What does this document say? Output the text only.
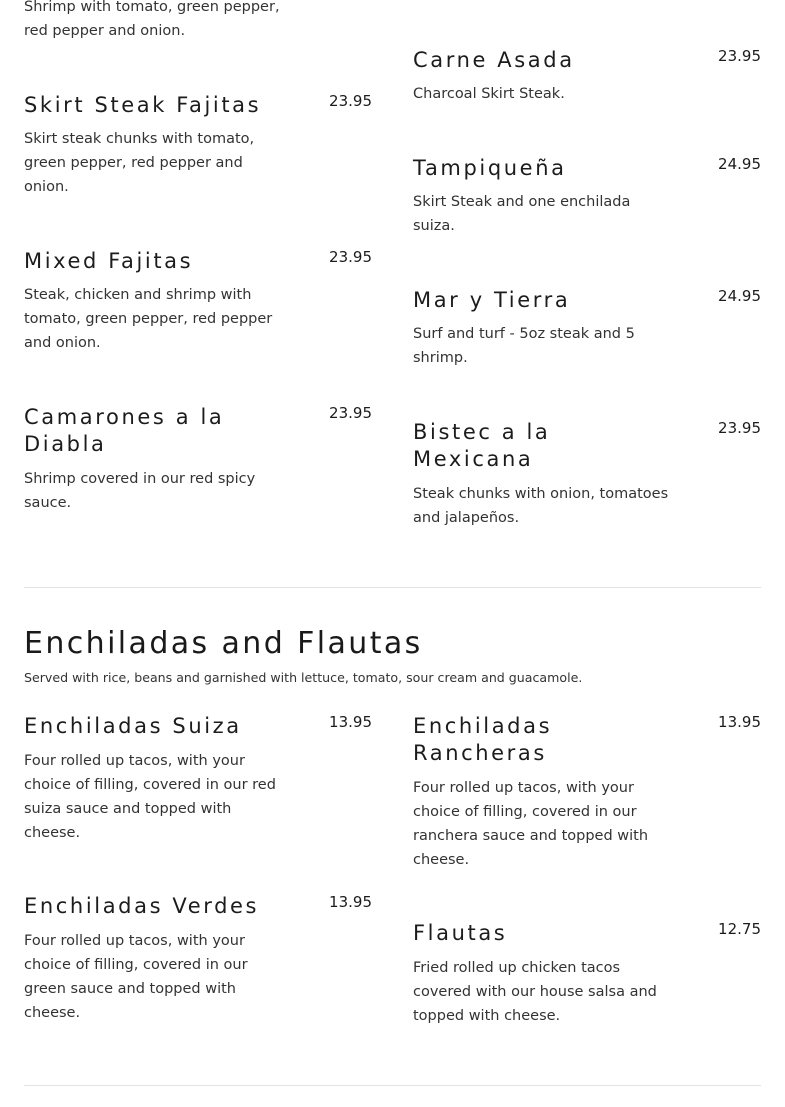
Shrimp with tomato, green pepper, red pepper and onion.

Skirt Steak Fajitas	23.95

Skirt steak chunks with tomato, green pepper, red pepper and onion.

Mixed Fajitas	23.95

Steak, chicken and shrimp with tomato, green pepper, red pepper and onion.

Camarones a la Diabla
23.95

Shrimp covered in our red spicy sauce.

Carne Asada	23.95

Charcoal Skirt Steak.

Tampiqueña	24.95

Skirt Steak and one enchilada suiza.

Mar y Tierra	24.95

Surf and turf - 5oz steak and 5 shrimp.

Bistec a la Mexicana
23.95

Steak chunks with onion, tomatoes and jalapeños.

Enchiladas and Flautas

Served with rice, beans and garnished with lettuce, tomato, sour cream and guacamole.

Enchiladas Suiza	13.95

Four rolled up tacos, with your choice of filling, covered in our red suiza sauce and topped with cheese.

Enchiladas Verdes	13.95

Four rolled up tacos, with your choice of filling, covered in our green sauce and topped with cheese.

Enchiladas Rancheras
13.95

Four rolled up tacos, with your choice of filling, covered in our ranchera sauce and topped with cheese.

Flautas	12.75

Fried rolled up chicken tacos covered with our house salsa and topped with cheese.
